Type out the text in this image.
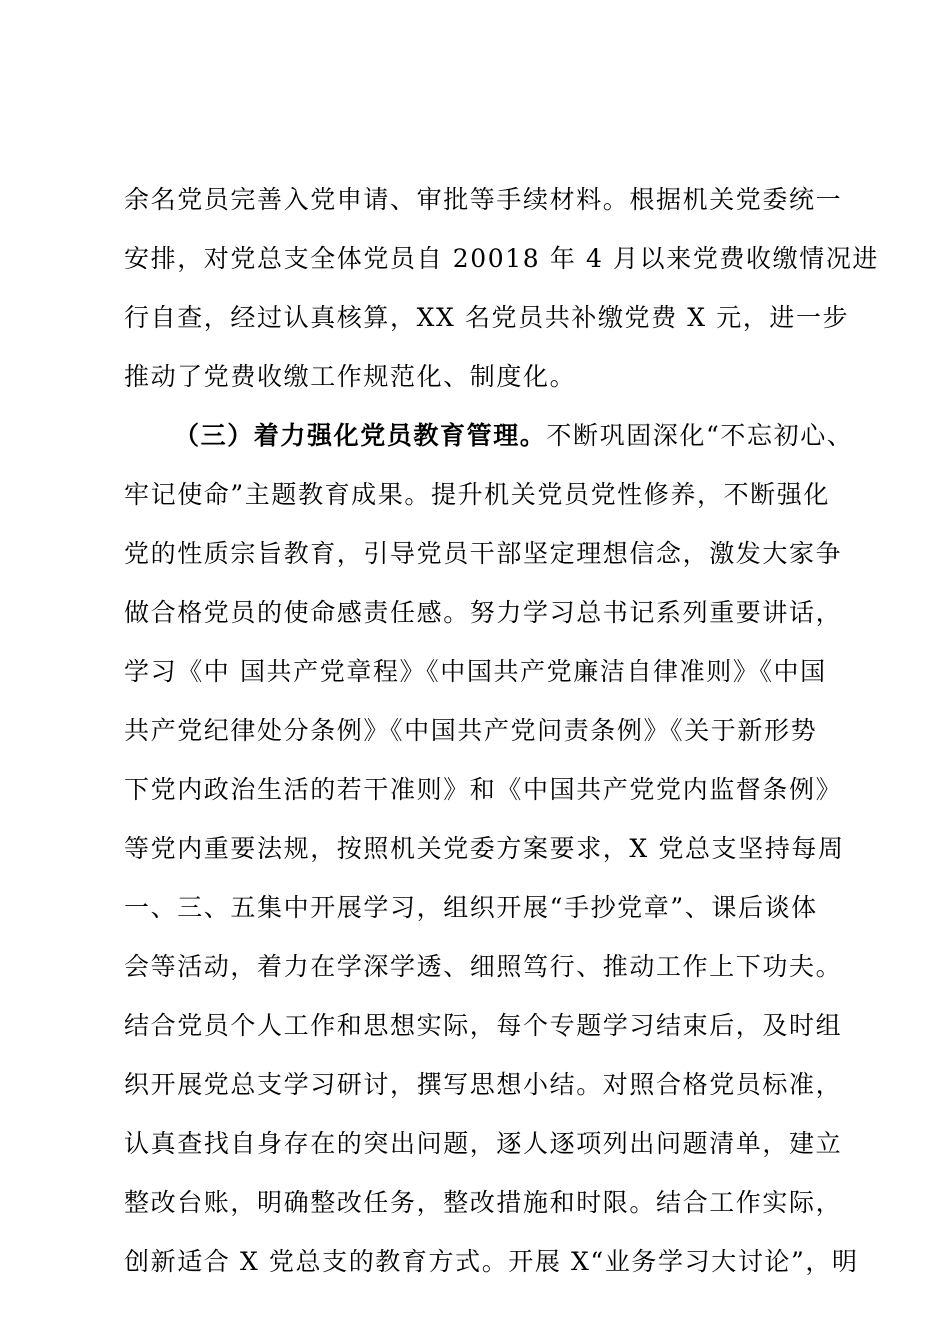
余名党员完善入党申请、审批等手续材料。根据机关党委统一
安排，对党总支全体党员自 20018 年 4 月以来党费收缴情况进
行自查，经过认真核算，XX 名党员共补缴党费 X 元，进一步
推动了党费收缴工作规范化、制度化。
（三）着力强化党员教育管理。不断巩固深化“不忘初心、
牢记使命”主题教育成果。提升机关党员党性修养，不断强化
党的性质宗旨教育，引导党员干部坚定理想信念，激发大家争
做合格党员的使命感责任感。努力学习总书记系列重要讲话，
学习《中 国共产党章程》《中国共产党廉洁自律准则》《中国
共产党纪律处分条例》《中国共产党问责条例》《关于新形势
下党内政治生活的若干准则》和《中国共产党党内监督条例》
等党内重要法规，按照机关党委方案要求，X 党总支坚持每周
一、三、五集中开展学习，组织开展“手抄党章”、课后谈体
会等活动，着力在学深学透、细照笃行、推动工作上下功夫。
结合党员个人工作和思想实际，每个专题学习结束后，及时组
织开展党总支学习研讨，撰写思想小结。对照合格党员标准，
认真查找自身存在的突出问题，逐人逐项列出问题清单，建立
整改台账，明确整改任务，整改措施和时限。结合工作实际，
创新适合 X 党总支的教育方式。开展 X“业务学习大讨论”，明
